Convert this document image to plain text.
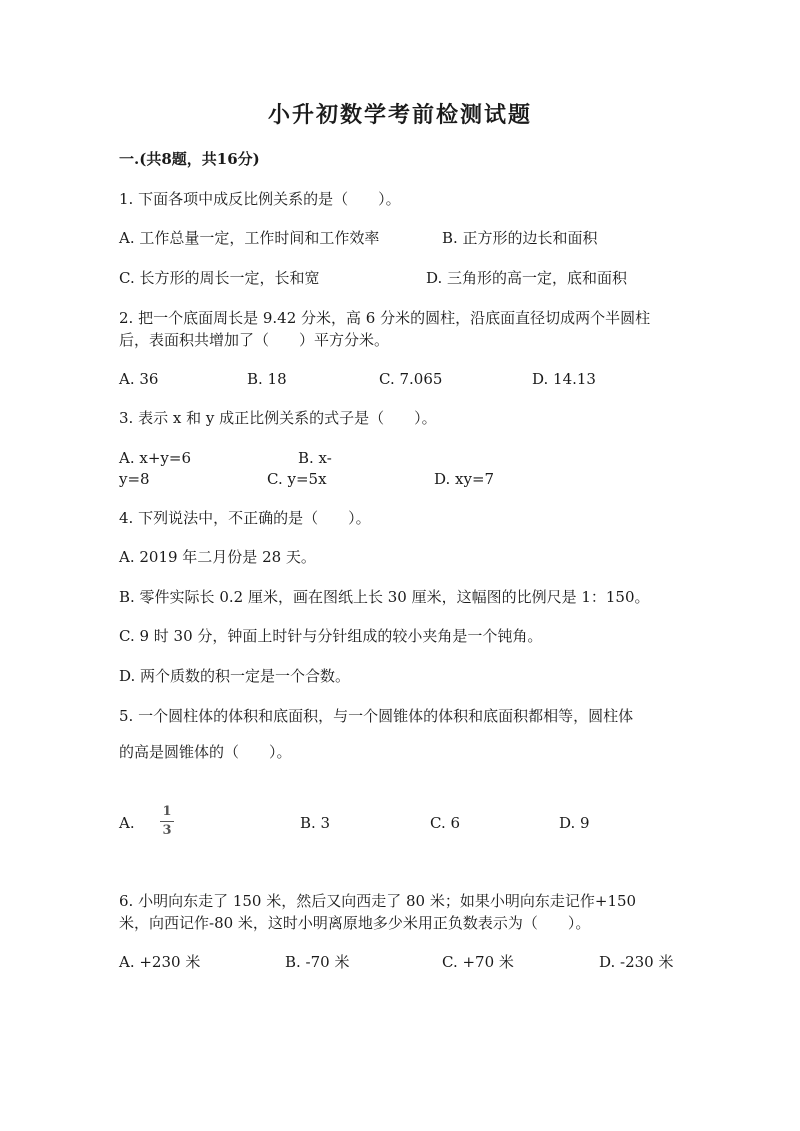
小升初数学考前检测试题
一.(共8题，共16分)
1. 下面各项中成反比例关系的是（　　）。
A. 工作总量一定，工作时间和工作效率	B. 正方形的边长和面积
C. 长方形的周长一定，长和宽	D. 三角形的高一定，底和面积
2. 把一个底面周长是 9.42 分米，高 6 分米的圆柱，沿底面直径切成两个半圆柱
后，表面积共增加了（　　）平方分米。
A. 36	B. 18	C. 7.065	D. 14.13
3. 表示 x 和 y 成正比例关系的式子是（　　）。
A. x+y=6	B. x-
y=8	C. y=5x	D. xy=7
4. 下列说法中，不正确的是（　　）。
A. 2019 年二月份是 28 天。
B. 零件实际长 0.2 厘米，画在图纸上长 30 厘米，这幅图的比例尺是 1：150。
C. 9 时 30 分，钟面上时针与分针组成的较小夹角是一个钝角。
D. 两个质数的积一定是一个合数。
5. 一个圆柱体的体积和底面积，与一个圆锥体的体积和底面积都相等，圆柱体
的高是圆锥体的（　　）。
A.
1
3	B. 3	C. 6	D. 9
6. 小明向东走了 150 米，然后又向西走了 80 米；如果小明向东走记作+150
米，向西记作-80 米，这时小明离原地多少米用正负数表示为（　　）。
A. +230 米	B. -70 米	C. +70 米	D. -230 米
